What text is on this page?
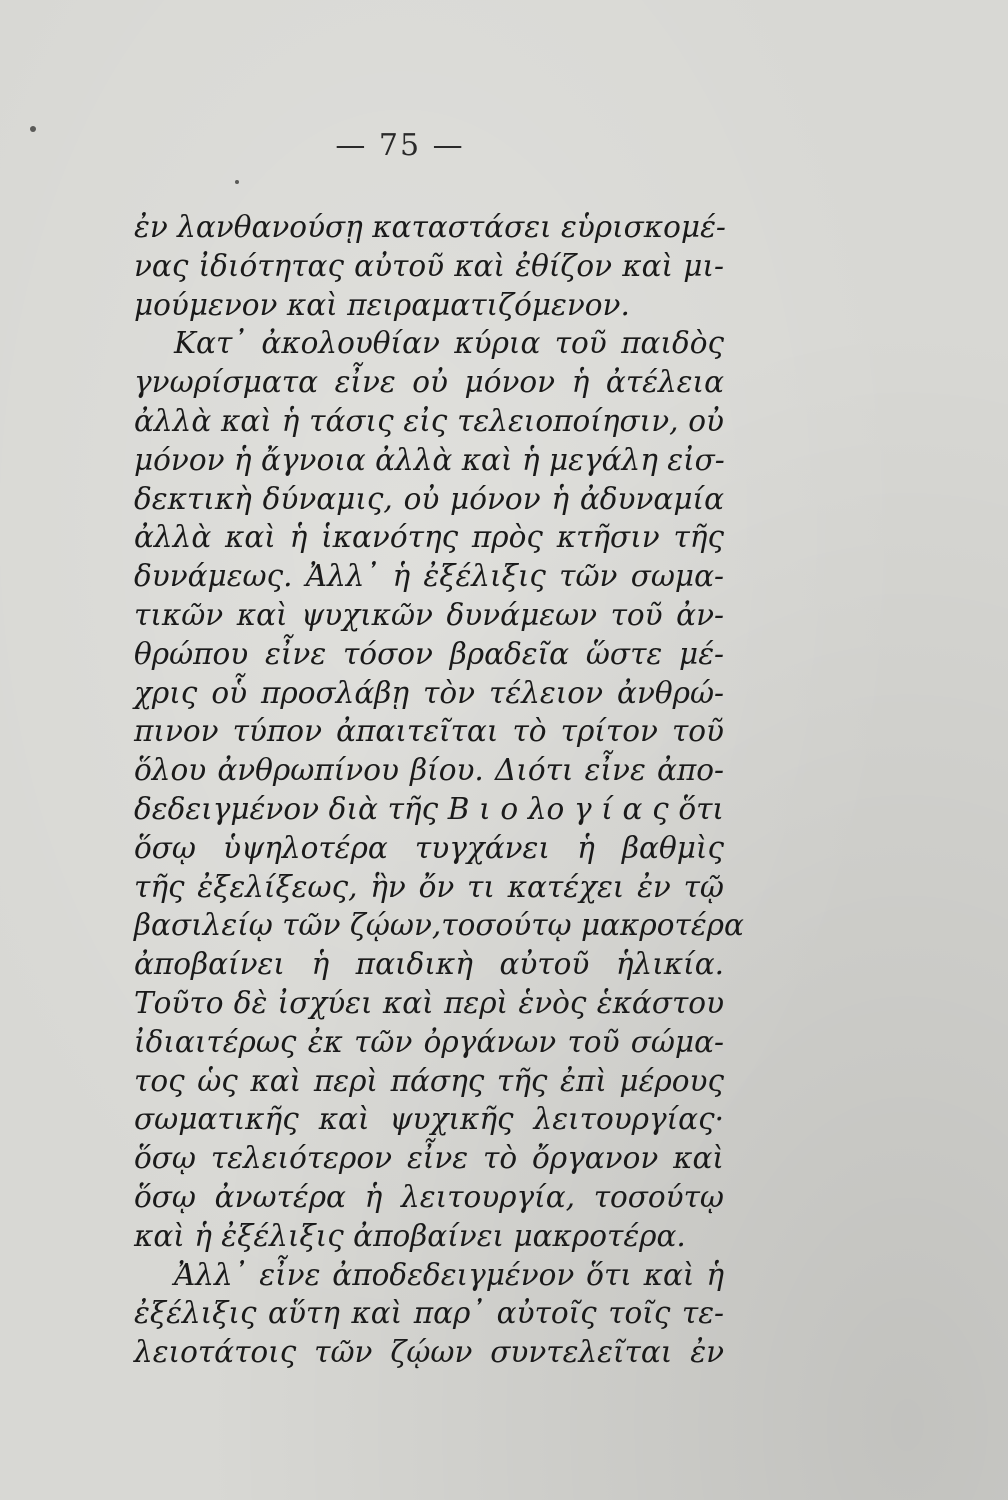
— 75 —
ἐν λανθανούσῃ καταστάσει εὑρισκομέ-
νας ἰδιότητας αὐτοῦ καὶ ἐθίζον καὶ μι-
μούμενον καὶ πειραματιζόμενον.
Κατ᾽ ἀκολουθίαν κύρια τοῦ παιδὸς
γνωρίσματα εἶνε οὐ μόνον ἡ ἀτέλεια
ἀλλὰ καὶ ἡ τάσις εἰς τελειοποίησιν, οὐ
μόνον ἡ ἄγνοια ἀλλὰ καὶ ἡ μεγάλη εἰσ-
δεκτικὴ δύναμις, οὐ μόνον ἡ ἀδυναμία
ἀλλὰ καὶ ἡ ἱκανότης πρὸς κτῆσιν τῆς
δυνάμεως. Ἀλλ᾽ ἡ ἐξέλιξις τῶν σωμα-
τικῶν καὶ ψυχικῶν δυνάμεων τοῦ ἀν-
θρώπου εἶνε τόσον βραδεῖα ὥστε μέ-
χρις οὗ προσλάβῃ τὸν τέλειον ἀνθρώ-
πινον τύπον ἀπαιτεῖται τὸ τρίτον τοῦ
ὅλου ἀνθρωπίνου βίου. Διότι εἶνε ἀπο-
δεδειγμένον διὰ τῆς Β ι ο λο γ ί α ς ὅτι
ὅσῳ ὑψηλοτέρα τυγχάνει ἡ βαθμὶς
τῆς ἐξελίξεως, ἣν ὄν τι κατέχει ἐν τῷ
βασιλείῳ τῶν ζῴων,τοσούτῳ μακροτέρα
ἀποβαίνει ἡ παιδικὴ αὐτοῦ ἡλικία.
Τοῦτο δὲ ἰσχύει καὶ περὶ ἑνὸς ἑκάστου
ἰδιαιτέρως ἐκ τῶν ὀργάνων τοῦ σώμα-
τος ὡς καὶ περὶ πάσης τῆς ἐπὶ μέρους
σωματικῆς καὶ ψυχικῆς λειτουργίας·
ὅσῳ τελειότερον εἶνε τὸ ὄργανον καὶ
ὅσῳ ἀνωτέρα ἡ λειτουργία, τοσούτῳ
καὶ ἡ ἐξέλιξις ἀποβαίνει μακροτέρα.
Ἀλλ᾽ εἶνε ἀποδεδειγμένον ὅτι καὶ ἡ
ἐξέλιξις αὕτη καὶ παρ᾽ αὐτοῖς τοῖς τε-
λειοτάτοις τῶν ζῴων συντελεῖται ἐν
